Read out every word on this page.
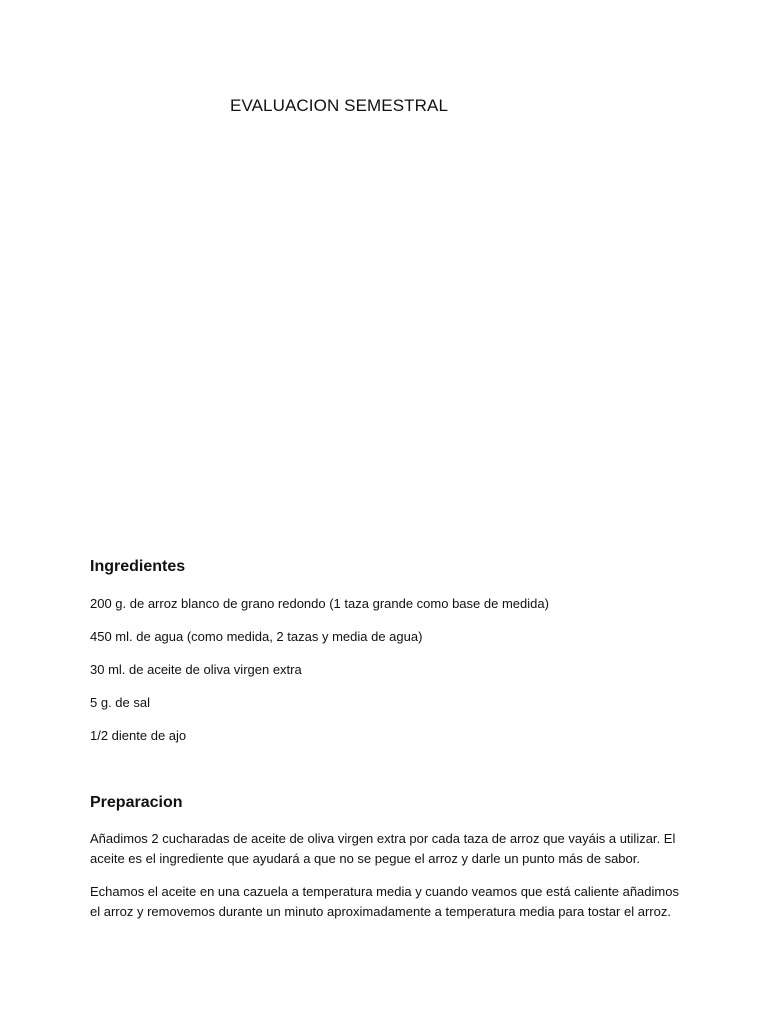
EVALUACION SEMESTRAL
Ingredientes
200 g. de arroz blanco de grano redondo (1 taza grande como base de medida)
450 ml. de agua (como medida, 2 tazas y media de agua)
30 ml. de aceite de oliva virgen extra
5 g. de sal
1/2 diente de ajo
Preparacion

Añadimos 2 cucharadas de aceite de oliva virgen extra por cada taza de arroz que vayáis a utilizar. El aceite es el ingrediente que ayudará a que no se pegue el arroz y darle un punto más de sabor.

Echamos el aceite en una cazuela a temperatura media y cuando veamos que está caliente añadimos el arroz y removemos durante un minuto aproximadamente a temperatura media para tostar el arroz.
